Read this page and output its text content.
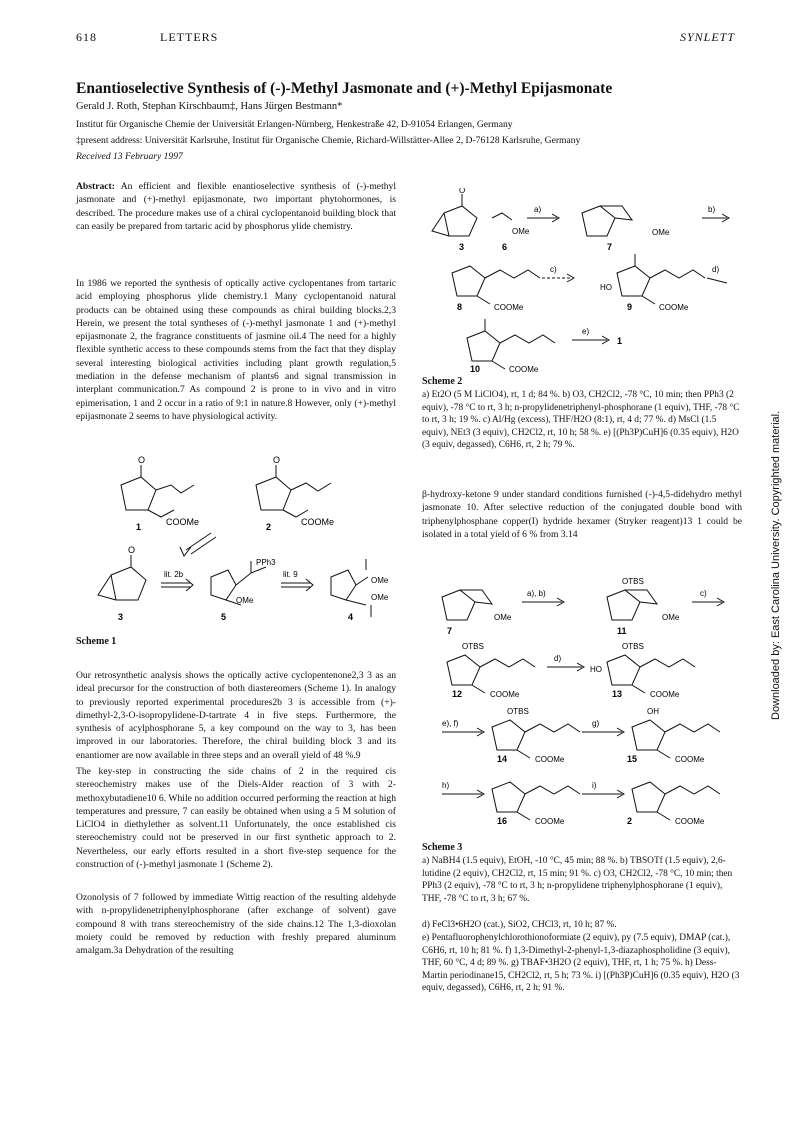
618	LETTERS	SYNLETT
Enantioselective Synthesis of (-)-Methyl Jasmonate and (+)-Methyl Epijasmonate
Gerald J. Roth, Stephan Kirschbaum‡, Hans Jürgen Bestmann*
Institut für Organische Chemie der Universität Erlangen-Nürnberg, Henkestraße 42, D-91054 Erlangen, Germany
‡present address: Universität Karlsruhe, Institut für Organische Chemie, Richard-Willstätter-Allee 2, D-76128 Karlsruhe, Germany
Received 13 February 1997
Abstract: An efficient and flexible enantioselective synthesis of (-)-methyl jasmonate and (+)-methyl epijasmonate, two important phytohormones, is described. The procedure makes use of a chiral cyclopentanoid building block that can easily be prepared from tartaric acid by phosphorus ylide chemistry.
In 1986 we reported the synthesis of optically active cyclopentanes from tartaric acid employing phosphorus ylide chemistry.1 Many cyclopentanoid natural products can be obtained using these compounds as chiral building blocks.2,3 Herein, we present the total syntheses of (-)-methyl jasmonate 1 and (+)-methyl epijasmonate 2, the fragrance constituents of jasmine oil.4 The need for a highly flexible synthetic access to these compounds stems from the fact that they display several interesting biological activities including plant growth regulation,5 mediation in the defense mechanism of plants6 and signal transmission in interplant communication.7 As compound 2 is prone to in vivo and in vitro epimerisation, 1 and 2 occur in a ratio of 9:1 in nature.8 However, only (+)-methyl epijasmonate 2 seems to have physiological activity.
O
COOMe
1
O
COOMe
2
O
3
lit. 2b
PPh3
OMe
5
lit. 9
OMe
OMe
4
Scheme 1
Our retrosynthetic analysis shows the optically active cyclopentenone2,3 3 as an ideal precursor for the construction of both diastereomers (Scheme 1). In analogy to previously reported experimental procedures2b 3 is accessible from (+)-dimethyl-2,3-O-isopropylidene-D-tartrate 4 in five steps. Furthermore, the synthesis of acylphosphorane 5, a key compound on the way to 3, has been improved in our laboratories. Therefore, the chiral building block 3 and its enantiomer are now available in three steps and an overall yield of 48 %.9
The key-step in constructing the side chains of 2 in the required cis stereochemistry makes use of the Diels-Alder reaction of 3 with 2-methoxybutadiene10 6. While no addition occurred performing the reaction at high temperatures and pressure, 7 can easily be obtained when using a 5 M solution of LiClO4 in diethylether as solvent.11 Unfortunately, the once established cis stereochemistry could not be preserved in our first synthetic approach to 2. Nevertheless, our early efforts resulted in a short five-step sequence for the construction of (-)-methyl jasmonate 1 (Scheme 2).
Ozonolysis of 7 followed by immediate Wittig reaction of the resulting aldehyde with n-propylidenetriphenylphosphorane (after exchange of solvent) gave compound 8 with trans stereochemistry of the side chains.12 The 1,3-dioxolan moiety could be removed by reduction with freshly prepared aluminum amalgam.3a Dehydration of the resulting
O
a)	b)
3	6
OMe	OMe
7
c)	d)
COOMe
8
HO
COOMe
9
e)
1
COOMe
10
Scheme 2
a) Et2O (5 M LiClO4), rt, 1 d; 84 %. b) O3, CH2Cl2, -78 °C, 10 min; then PPh3 (2 equiv), -78 °C to rt, 3 h; n-propylidenetriphenyl-phosphorane (1 equiv), THF, -78 °C to rt, 3 h; 19 %. c) Al/Hg (excess), THF/H2O (8:1), rt, 4 d; 77 %. d) MsCl (1.5 equiv), NEt3 (3 equiv), CH2Cl2, rt, 10 h; 58 %. e) [(Ph3P)CuH]6 (0.35 equiv), H2O (3 equiv, degassed), C6H6, rt, 2 h; 79 %.
β-hydroxy-ketone 9 under standard conditions furnished (-)-4,5-didehydro methyl jasmonate 10. After selective reduction of the conjugated double bond with triphenylphosphane copper(I) hydride hexamer (Stryker reagent)13 1 could be isolated in a total yield of 6 % from 3.14
a), b)	c)
OTBS
OMe
OMe
7	11
OTBS	OTBS
d)
HO
COOMe
12	COOMe
13
e), f)
OTBS
g)
OH
COOMe
14	COOMe
15
h)	i)
COOMe
16	COOMe
2
Scheme 3
a) NaBH4 (1.5 equiv), EtOH, -10 °C, 45 min; 88 %. b) TBSOTf (1.5 equiv), 2,6-lutidine (2 equiv), CH2Cl2, rt, 15 min; 91 %. c) O3, CH2Cl2, -78 °C, 10 min; then PPh3 (2 equiv), -78 °C to rt, 3 h; n-propylidene triphenylphosphorane (1 equiv), THF, -78 °C to rt, 3 h; 67 %.
d) FeCl3•6H2O (cat.), SiO2, CHCl3, rt, 10 h; 87 %.
e) Pentafluorophenylchlorothionoformiate (2 equiv), py (7.5 equiv), DMAP (cat.), C6H6, rt, 10 h; 81 %. f) 1,3-Dimethyl-2-phenyl-1,3-diazaphospholidine (3 equiv), THF, 60 °C, 4 d; 89 %. g) TBAF•3H2O (2 equiv), THF, rt, 1 h; 75 %. h) Dess-Martin periodinane15, CH2Cl2, rt, 5 h; 73 %. i) [(Ph3P)CuH]6 (0.35 equiv), H2O (3 equiv, degassed), C6H6, rt, 2 h; 91 %.
Downloaded by: East Carolina University. Copyrighted material.
